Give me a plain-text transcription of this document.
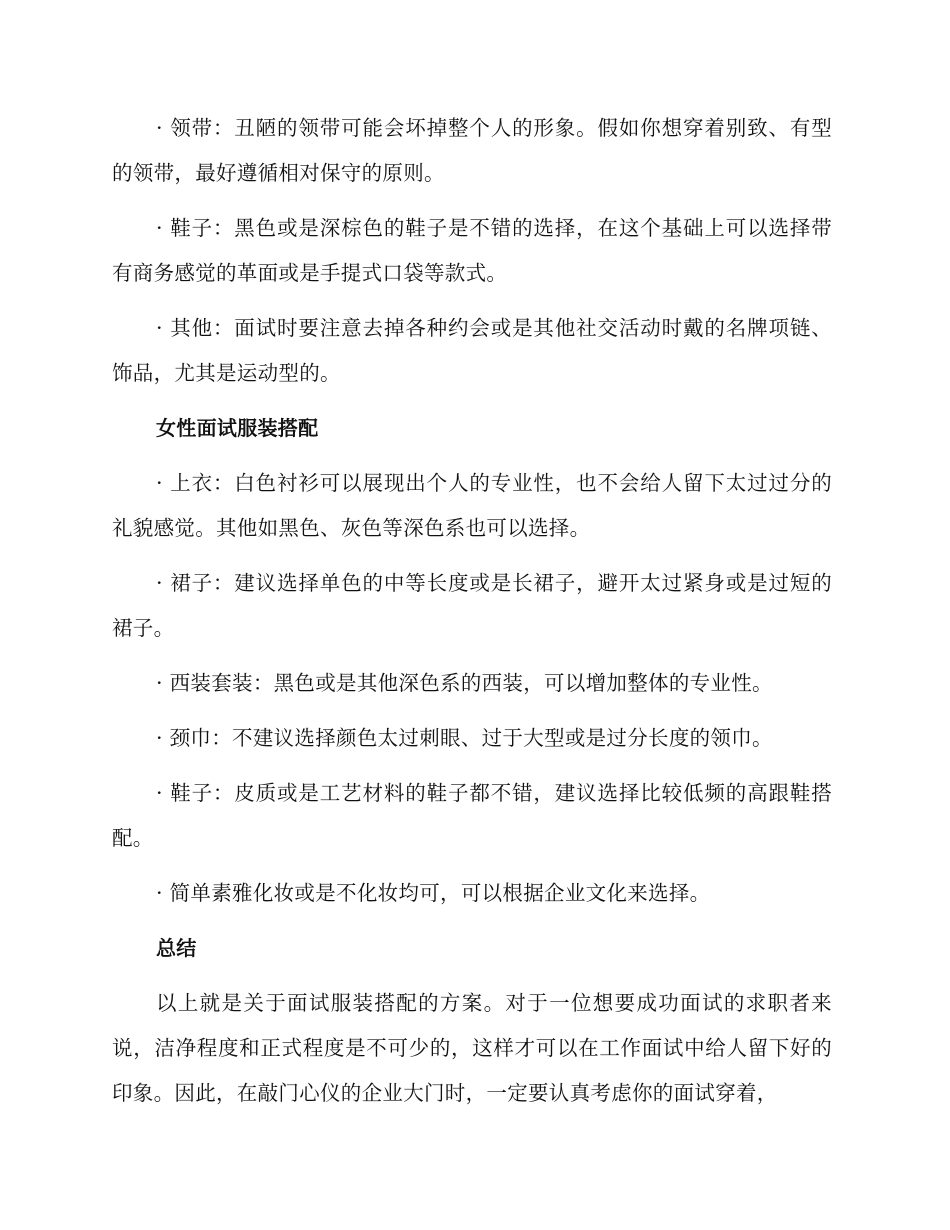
· 领带：丑陋的领带可能会坏掉整个人的形象。假如你想穿着别致、有型的领带，最好遵循相对保守的原则。

· 鞋子：黑色或是深棕色的鞋子是不错的选择，在这个基础上可以选择带有商务感觉的革面或是手提式口袋等款式。

· 其他：面试时要注意去掉各种约会或是其他社交活动时戴的名牌项链、饰品，尤其是运动型的。

女性面试服装搭配

· 上衣：白色衬衫可以展现出个人的专业性，也不会给人留下太过过分的礼貌感觉。其他如黑色、灰色等深色系也可以选择。

· 裙子：建议选择单色的中等长度或是长裙子，避开太过紧身或是过短的裙子。

· 西装套装：黑色或是其他深色系的西装，可以增加整体的专业性。

· 颈巾：不建议选择颜色太过刺眼、过于大型或是过分长度的领巾。

· 鞋子：皮质或是工艺材料的鞋子都不错，建议选择比较低频的高跟鞋搭配。

· 简单素雅化妆或是不化妆均可，可以根据企业文化来选择。

总结

以上就是关于面试服装搭配的方案。对于一位想要成功面试的求职者来说，洁净程度和正式程度是不可少的，这样才可以在工作面试中给人留下好的印象。因此，在敲门心仪的企业大门时，一定要认真考虑你的面试穿着，
